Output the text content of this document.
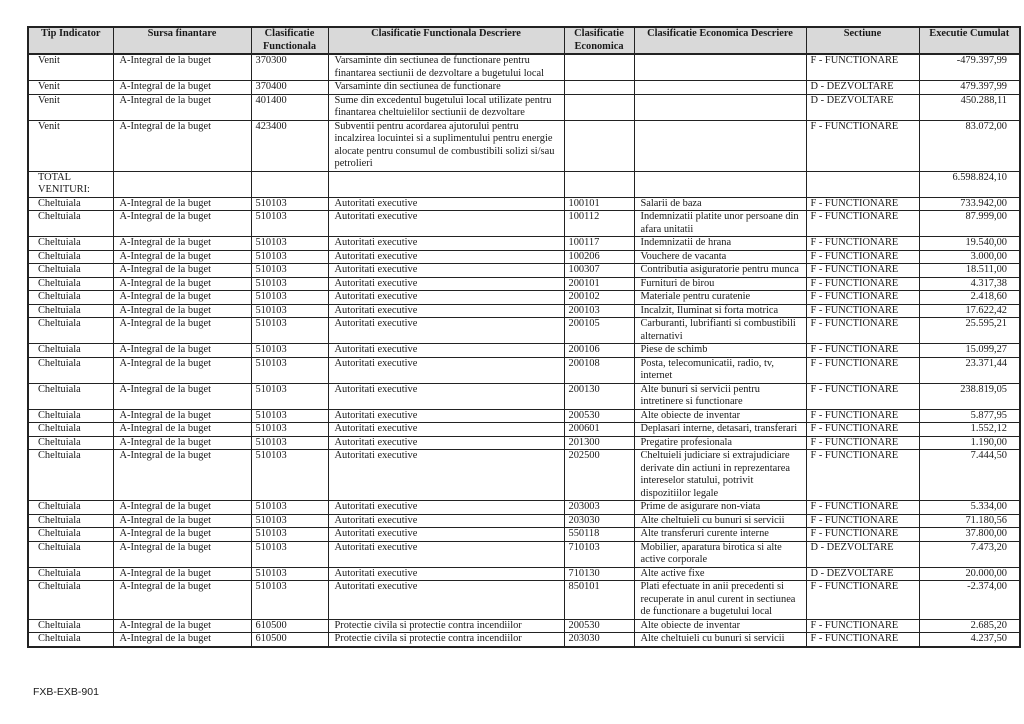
Tip Indicator	Sursa finantare	Clasificatie Functionala	Clasificatie Functionala Descriere	Clasificatie Economica	Clasificatie Economica Descriere	Sectiune	Executie Cumulat
Venit	A-Integral de la buget	370300	Varsaminte din sectiunea de functionare pentru finantarea sectiunii de dezvoltare a bugetului local			F - FUNCTIONARE	-479.397,99
Venit	A-Integral de la buget	370400	Varsaminte din sectiunea de functionare			D - DEZVOLTARE	479.397,99
Venit	A-Integral de la buget	401400	Sume din excedentul bugetului local utilizate pentru finantarea cheltuielilor sectiunii de dezvoltare			D - DEZVOLTARE	450.288,11
Venit	A-Integral de la buget	423400	Subventii pentru acordarea ajutorului pentru incalzirea locuintei si a suplimentului pentru energie alocate pentru consumul de combustibili solizi si/sau petrolieri			F - FUNCTIONARE	83.072,00
TOTAL VENITURI:							6.598.824,10
Cheltuiala	A-Integral de la buget	510103	Autoritati executive	100101	Salarii de baza	F - FUNCTIONARE	733.942,00
Cheltuiala	A-Integral de la buget	510103	Autoritati executive	100112	Indemnizatii platite unor persoane din afara unitatii	F - FUNCTIONARE	87.999,00
Cheltuiala	A-Integral de la buget	510103	Autoritati executive	100117	Indemnizatii de hrana	F - FUNCTIONARE	19.540,00
Cheltuiala	A-Integral de la buget	510103	Autoritati executive	100206	Vouchere de vacanta	F - FUNCTIONARE	3.000,00
Cheltuiala	A-Integral de la buget	510103	Autoritati executive	100307	Contributia asiguratorie pentru munca	F - FUNCTIONARE	18.511,00
Cheltuiala	A-Integral de la buget	510103	Autoritati executive	200101	Furnituri de birou	F - FUNCTIONARE	4.317,38
Cheltuiala	A-Integral de la buget	510103	Autoritati executive	200102	Materiale pentru curatenie	F - FUNCTIONARE	2.418,60
Cheltuiala	A-Integral de la buget	510103	Autoritati executive	200103	Incalzit, Iluminat si forta motrica	F - FUNCTIONARE	17.622,42
Cheltuiala	A-Integral de la buget	510103	Autoritati executive	200105	Carburanti, lubrifianti si combustibili alternativi	F - FUNCTIONARE	25.595,21
Cheltuiala	A-Integral de la buget	510103	Autoritati executive	200106	Piese de schimb	F - FUNCTIONARE	15.099,27
Cheltuiala	A-Integral de la buget	510103	Autoritati executive	200108	Posta, telecomunicatii, radio, tv, internet	F - FUNCTIONARE	23.371,44
Cheltuiala	A-Integral de la buget	510103	Autoritati executive	200130	Alte bunuri si servicii pentru intretinere si functionare	F - FUNCTIONARE	238.819,05
Cheltuiala	A-Integral de la buget	510103	Autoritati executive	200530	Alte obiecte de inventar	F - FUNCTIONARE	5.877,95
Cheltuiala	A-Integral de la buget	510103	Autoritati executive	200601	Deplasari interne, detasari, transferari	F - FUNCTIONARE	1.552,12
Cheltuiala	A-Integral de la buget	510103	Autoritati executive	201300	Pregatire profesionala	F - FUNCTIONARE	1.190,00
Cheltuiala	A-Integral de la buget	510103	Autoritati executive	202500	Cheltuieli judiciare si extrajudiciare derivate din actiuni in reprezentarea intereselor statului, potrivit dispozitiilor legale	F - FUNCTIONARE	7.444,50
Cheltuiala	A-Integral de la buget	510103	Autoritati executive	203003	Prime de asigurare non-viata	F - FUNCTIONARE	5.334,00
Cheltuiala	A-Integral de la buget	510103	Autoritati executive	203030	Alte cheltuieli cu bunuri si servicii	F - FUNCTIONARE	71.180,56
Cheltuiala	A-Integral de la buget	510103	Autoritati executive	550118	Alte transferuri curente interne	F - FUNCTIONARE	37.800,00
Cheltuiala	A-Integral de la buget	510103	Autoritati executive	710103	Mobilier, aparatura birotica si alte active corporale	D - DEZVOLTARE	7.473,20
Cheltuiala	A-Integral de la buget	510103	Autoritati executive	710130	Alte active fixe	D - DEZVOLTARE	20.000,00
Cheltuiala	A-Integral de la buget	510103	Autoritati executive	850101	Plati efectuate in anii precedenti si recuperate in anul curent in sectiunea de functionare a bugetului local	F - FUNCTIONARE	-2.374,00
Cheltuiala	A-Integral de la buget	610500	Protectie civila si protectie contra incendiilor	200530	Alte obiecte de inventar	F - FUNCTIONARE	2.685,20
Cheltuiala	A-Integral de la buget	610500	Protectie civila si protectie contra incendiilor	203030	Alte cheltuieli cu bunuri si servicii	F - FUNCTIONARE	4.237,50
FXB-EXB-901
